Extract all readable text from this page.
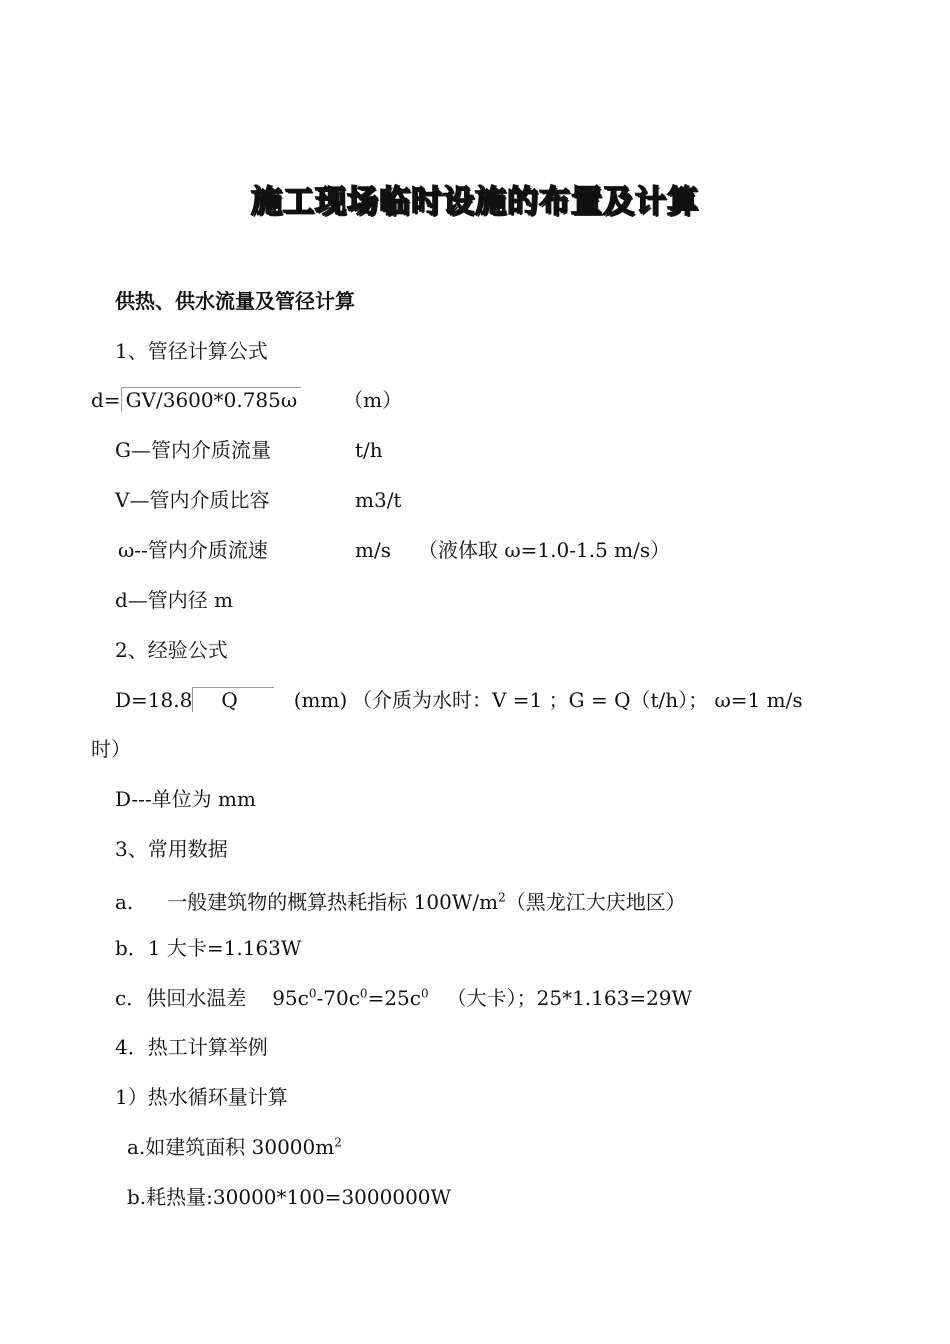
施工现场临时设施的布置及计算
供热、供水流量及管径计算
1、管径计算公式
d= GV/3600*0.785ω （m）
G—管内介质流量	t/h
V—管内介质比容	m3/t
ω--管内介质流速	m/s （液体取 ω=1.0-1.5 m/s）
d—管内径 m
2、经验公式
D=18.8 Q	(mm) （介质为水时：V =1 ；G = Q（t/h）； ω=1 m/s
时）
D---单位为 mm
3、常用数据
a. 一般建筑物的概算热耗指标 $100W/m^2$（黑龙江大庆地区）
b．1 大卡=1.163W
c．供回水温差 $95c^0-70c^0=25c^0$ （大卡）；25*1.163=29W
4．热工计算举例
1）热水循环量计算
a.如建筑面积 $30000m^2$
b.耗热量:30000*100=3000000W
